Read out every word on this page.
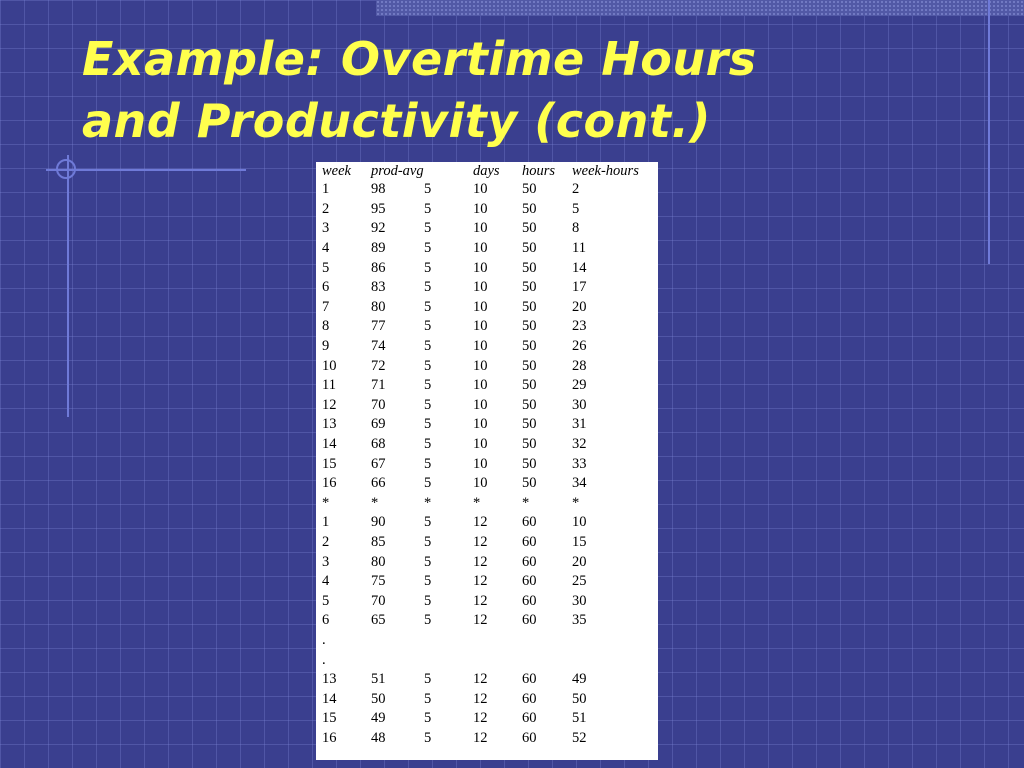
Example: Overtime Hours
and Productivity (cont.)
week	prod-avg		days	hours	week-hours
1	98	5	10	50	2
2	95	5	10	50	5
3	92	5	10	50	8
4	89	5	10	50	11
5	86	5	10	50	14
6	83	5	10	50	17
7	80	5	10	50	20
8	77	5	10	50	23
9	74	5	10	50	26
10	72	5	10	50	28
11	71	5	10	50	29
12	70	5	10	50	30
13	69	5	10	50	31
14	68	5	10	50	32
15	67	5	10	50	33
16	66	5	10	50	34
*	*	*	*	*	*
1	90	5	12	60	10
2	85	5	12	60	15
3	80	5	12	60	20
4	75	5	12	60	25
5	70	5	12	60	30
6	65	5	12	60	35
.					
.					
13	51	5	12	60	49
14	50	5	12	60	50
15	49	5	12	60	51
16	48	5	12	60	52
